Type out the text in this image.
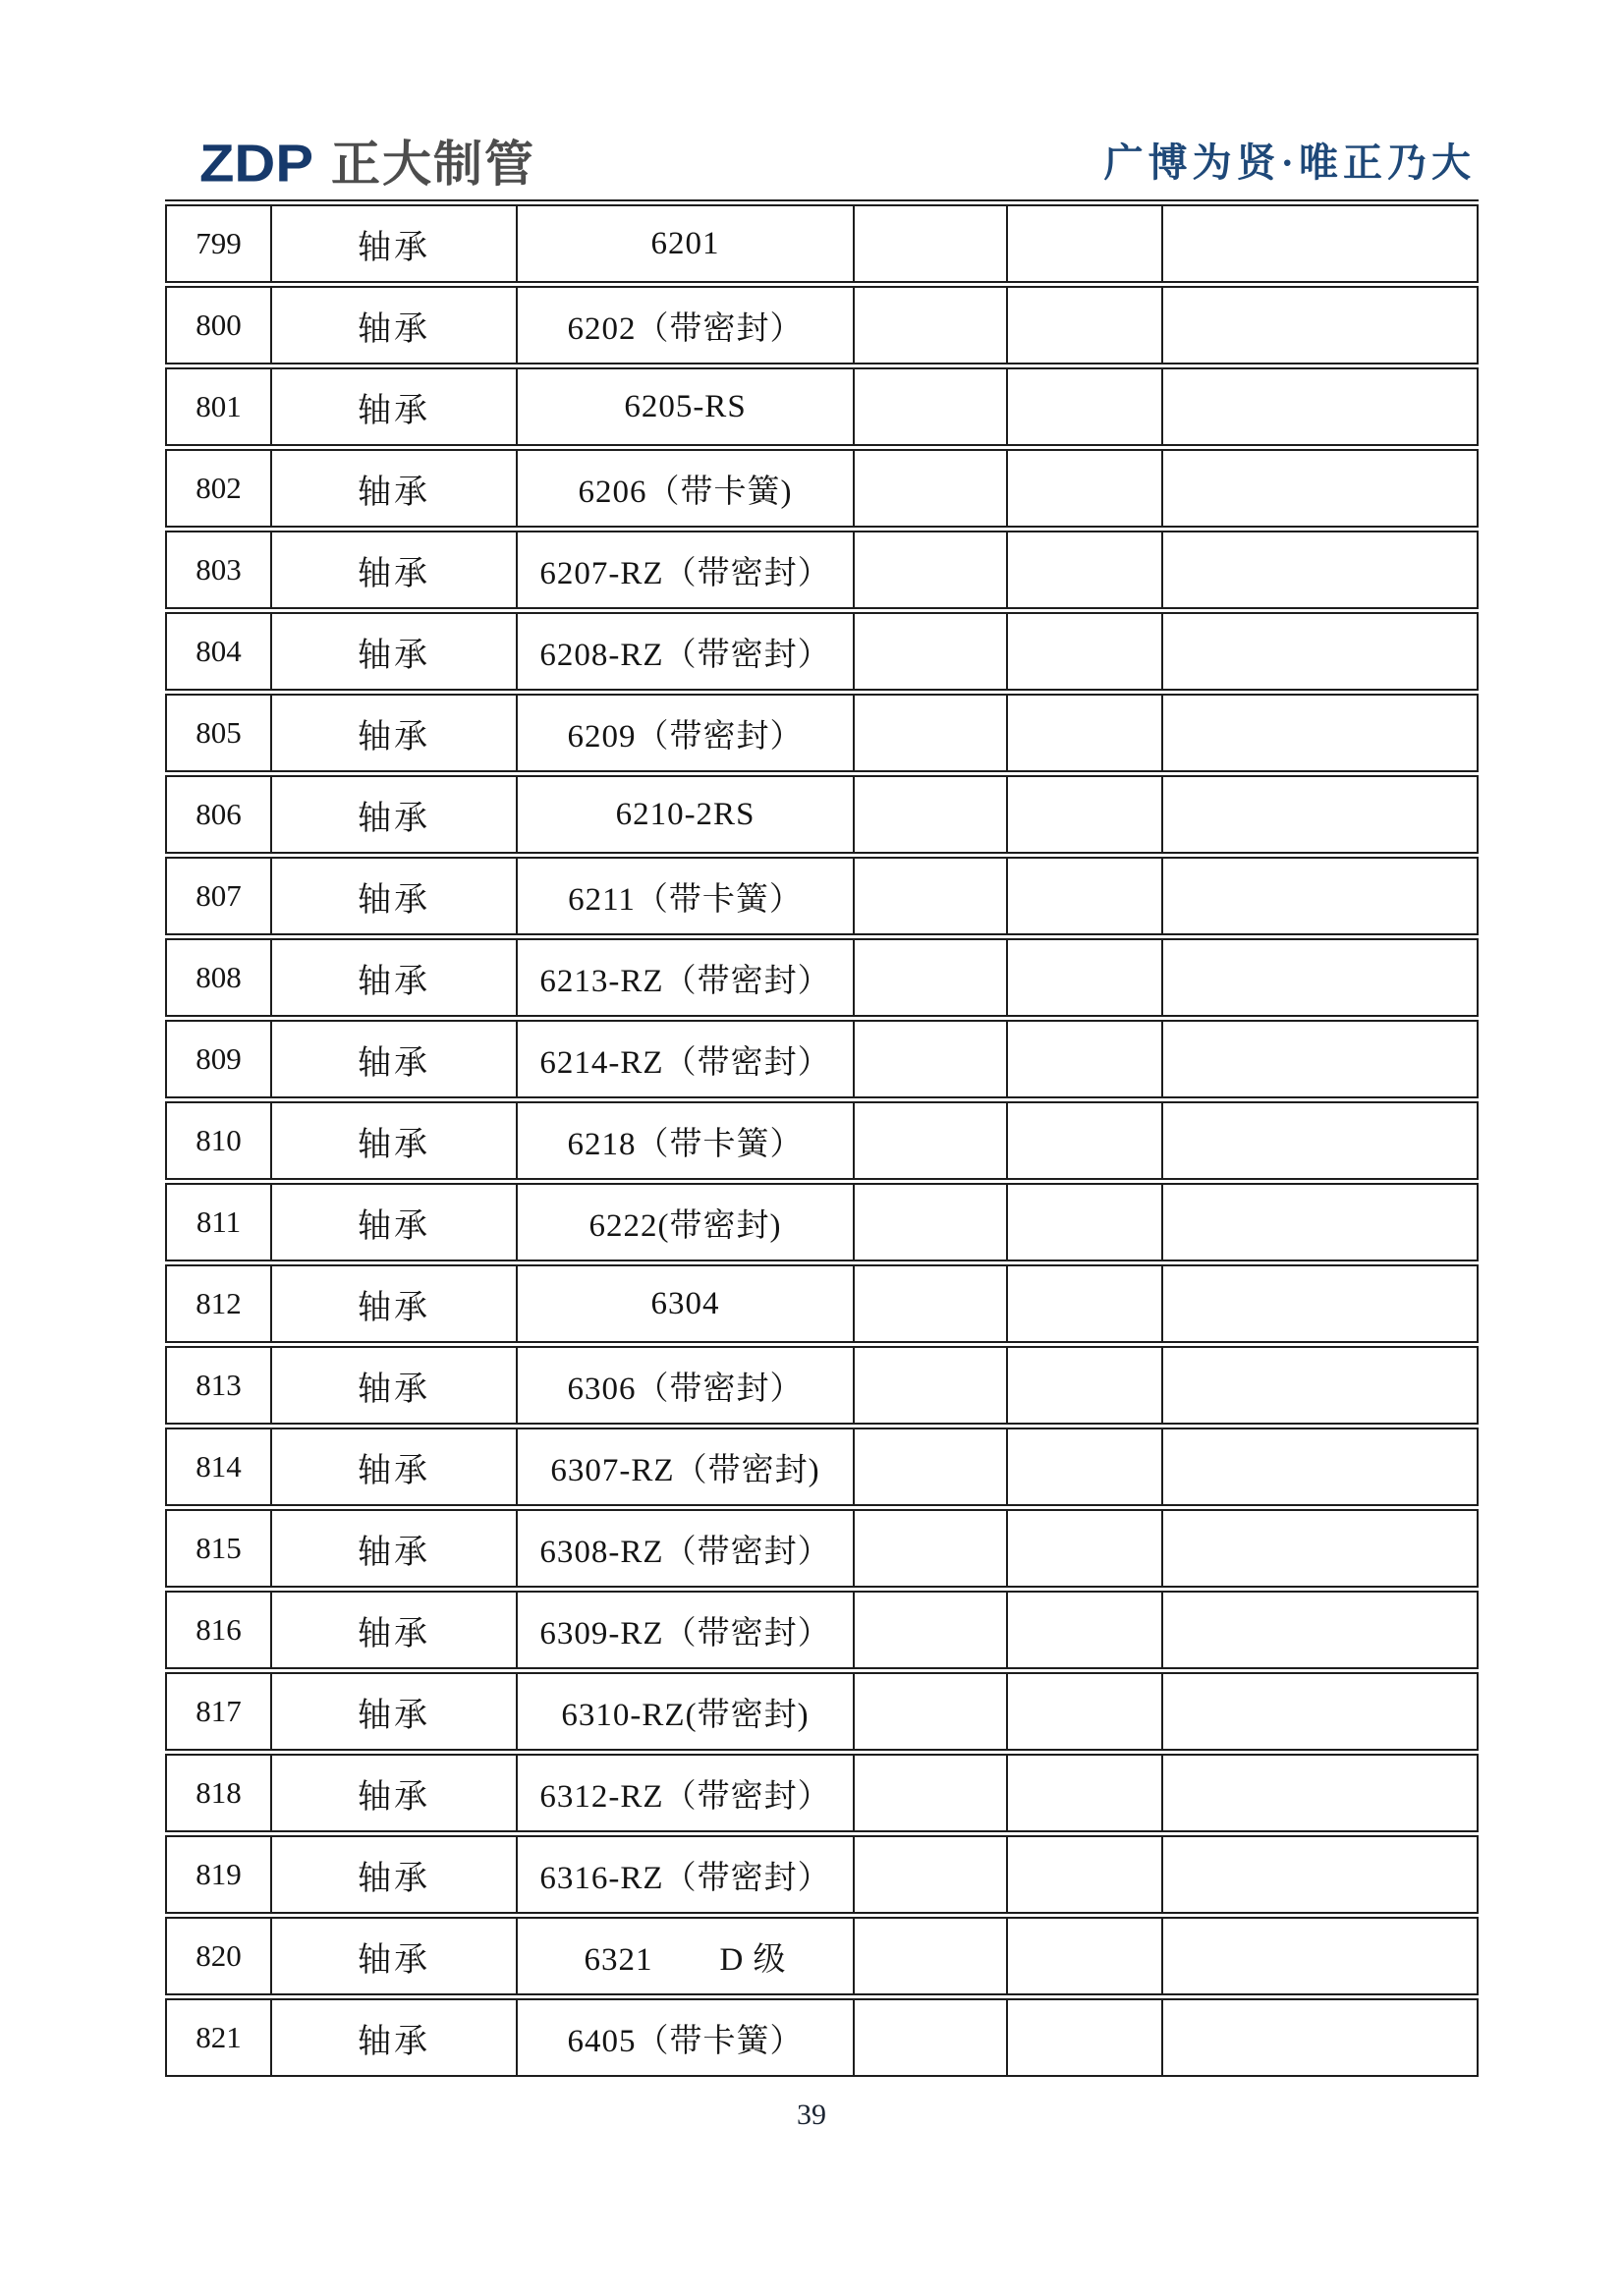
ZDP 正大制管	广博为贤·唯正乃大
799	轴承	6201
800	轴承	6202（带密封）
801	轴承	6205-RS
802	轴承	6206（带卡簧)
803	轴承	6207-RZ（带密封）
804	轴承	6208-RZ（带密封）
805	轴承	6209（带密封）
806	轴承	6210-2RS
807	轴承	6211（带卡簧）
808	轴承	6213-RZ（带密封）
809	轴承	6214-RZ（带密封）
810	轴承	6218（带卡簧）
811	轴承	6222(带密封)
812	轴承	6304
813	轴承	6306（带密封）
814	轴承	6307-RZ（带密封)
815	轴承	6308-RZ（带密封）
816	轴承	6309-RZ（带密封）
817	轴承	6310-RZ(带密封)
818	轴承	6312-RZ（带密封）
819	轴承	6316-RZ（带密封）
820	轴承	6321　　D 级
821	轴承	6405（带卡簧）
39
